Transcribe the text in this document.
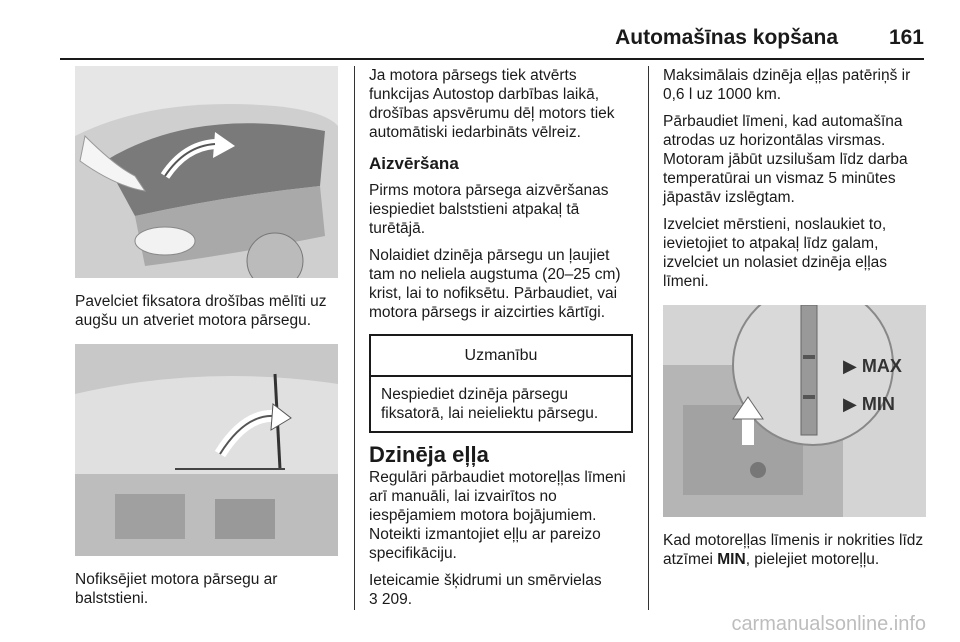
Automašīnas kopšana 161

Pavelciet fiksatora drošības mēlīti uz augšu un atveriet motora pārsegu.

Nofiksējiet motora pārsegu ar balststieni.

Ja motora pārsegs tiek atvērts funkcijas Autostop darbības laikā, drošības apsvērumu dēļ motors tiek automātiski iedarbināts vēlreiz.

Aizvēršana

Pirms motora pārsega aizvēršanas iespiediet balststieni atpakaļ tā turētājā.

Nolaidiet dzinēja pārsegu un ļaujiet tam no neliela augstuma (20–25 cm) krist, lai to nofiksētu. Pārbaudiet, vai motora pārsegs ir aizcirties kārtīgi.

Uzmanību
Nespiediet dzinēja pārsegu fiksatorā, lai neieliektu pārsegu.
Dzinēja eļļa

Regulāri pārbaudiet motoreļļas līmeni arī manuāli, lai izvairītos no iespējamiem motora bojājumiem. Noteikti izmantojiet eļļu ar pareizo specifikāciju.

Ieteicamie šķidrumi un smērvielas
3 209.

Maksimālais dzinēja eļļas patēriņš ir 0,6 l uz 1000 km.

Pārbaudiet līmeni, kad automašīna atrodas uz horizontālas virsmas. Motoram jābūt uzsilušam līdz darba temperatūrai un vismaz 5 minūtes jāpastāv izslēgtam.

Izvelciet mērstieni, noslaukiet to, ievietojiet to atpakaļ līdz galam, izvelciet un nolasiet dzinēja eļļas līmeni.

▶ MAX
▶ MIN

Kad motoreļļas līmenis ir nokrities līdz atzīmei MIN, pielejiet motoreļļu.

carmanualsonline.info
